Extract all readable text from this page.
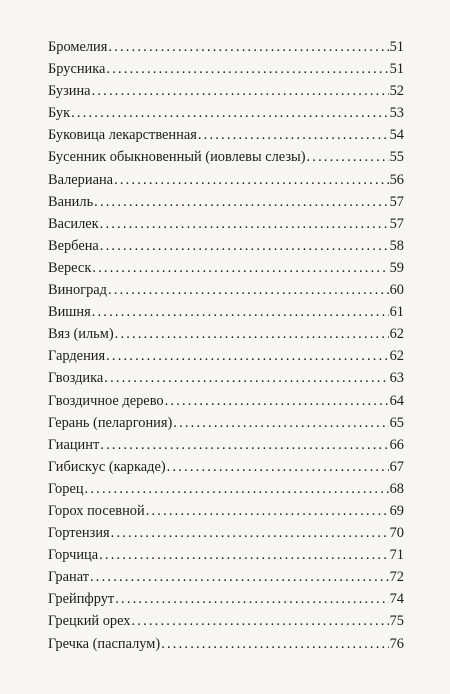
Бромелия .....	51
Брусника .....	51
Бузина .....	52
Бук .....	53
Буковица лекарственная .....	54
Бусенник обыкновенный (иовлевы слезы) .....	55
Валериана .....	56
Ваниль .....	57
Василек .....	57
Вербена .....	58
Вереск .....	59
Виноград .....	60
Вишня .....	61
Вяз (ильм) .....	62
Гардения .....	62
Гвоздика .....	63
Гвоздичное дерево .....	64
Герань (пеларгония) .....	65
Гиацинт .....	66
Гибискус (каркаде) .....	67
Горец .....	68
Горох посевной .....	69
Гортензия .....	70
Горчица .....	71
Гранат .....	72
Грейпфрут .....	74
Грецкий орех .....	75
Гречка (паспалум) .....	76
